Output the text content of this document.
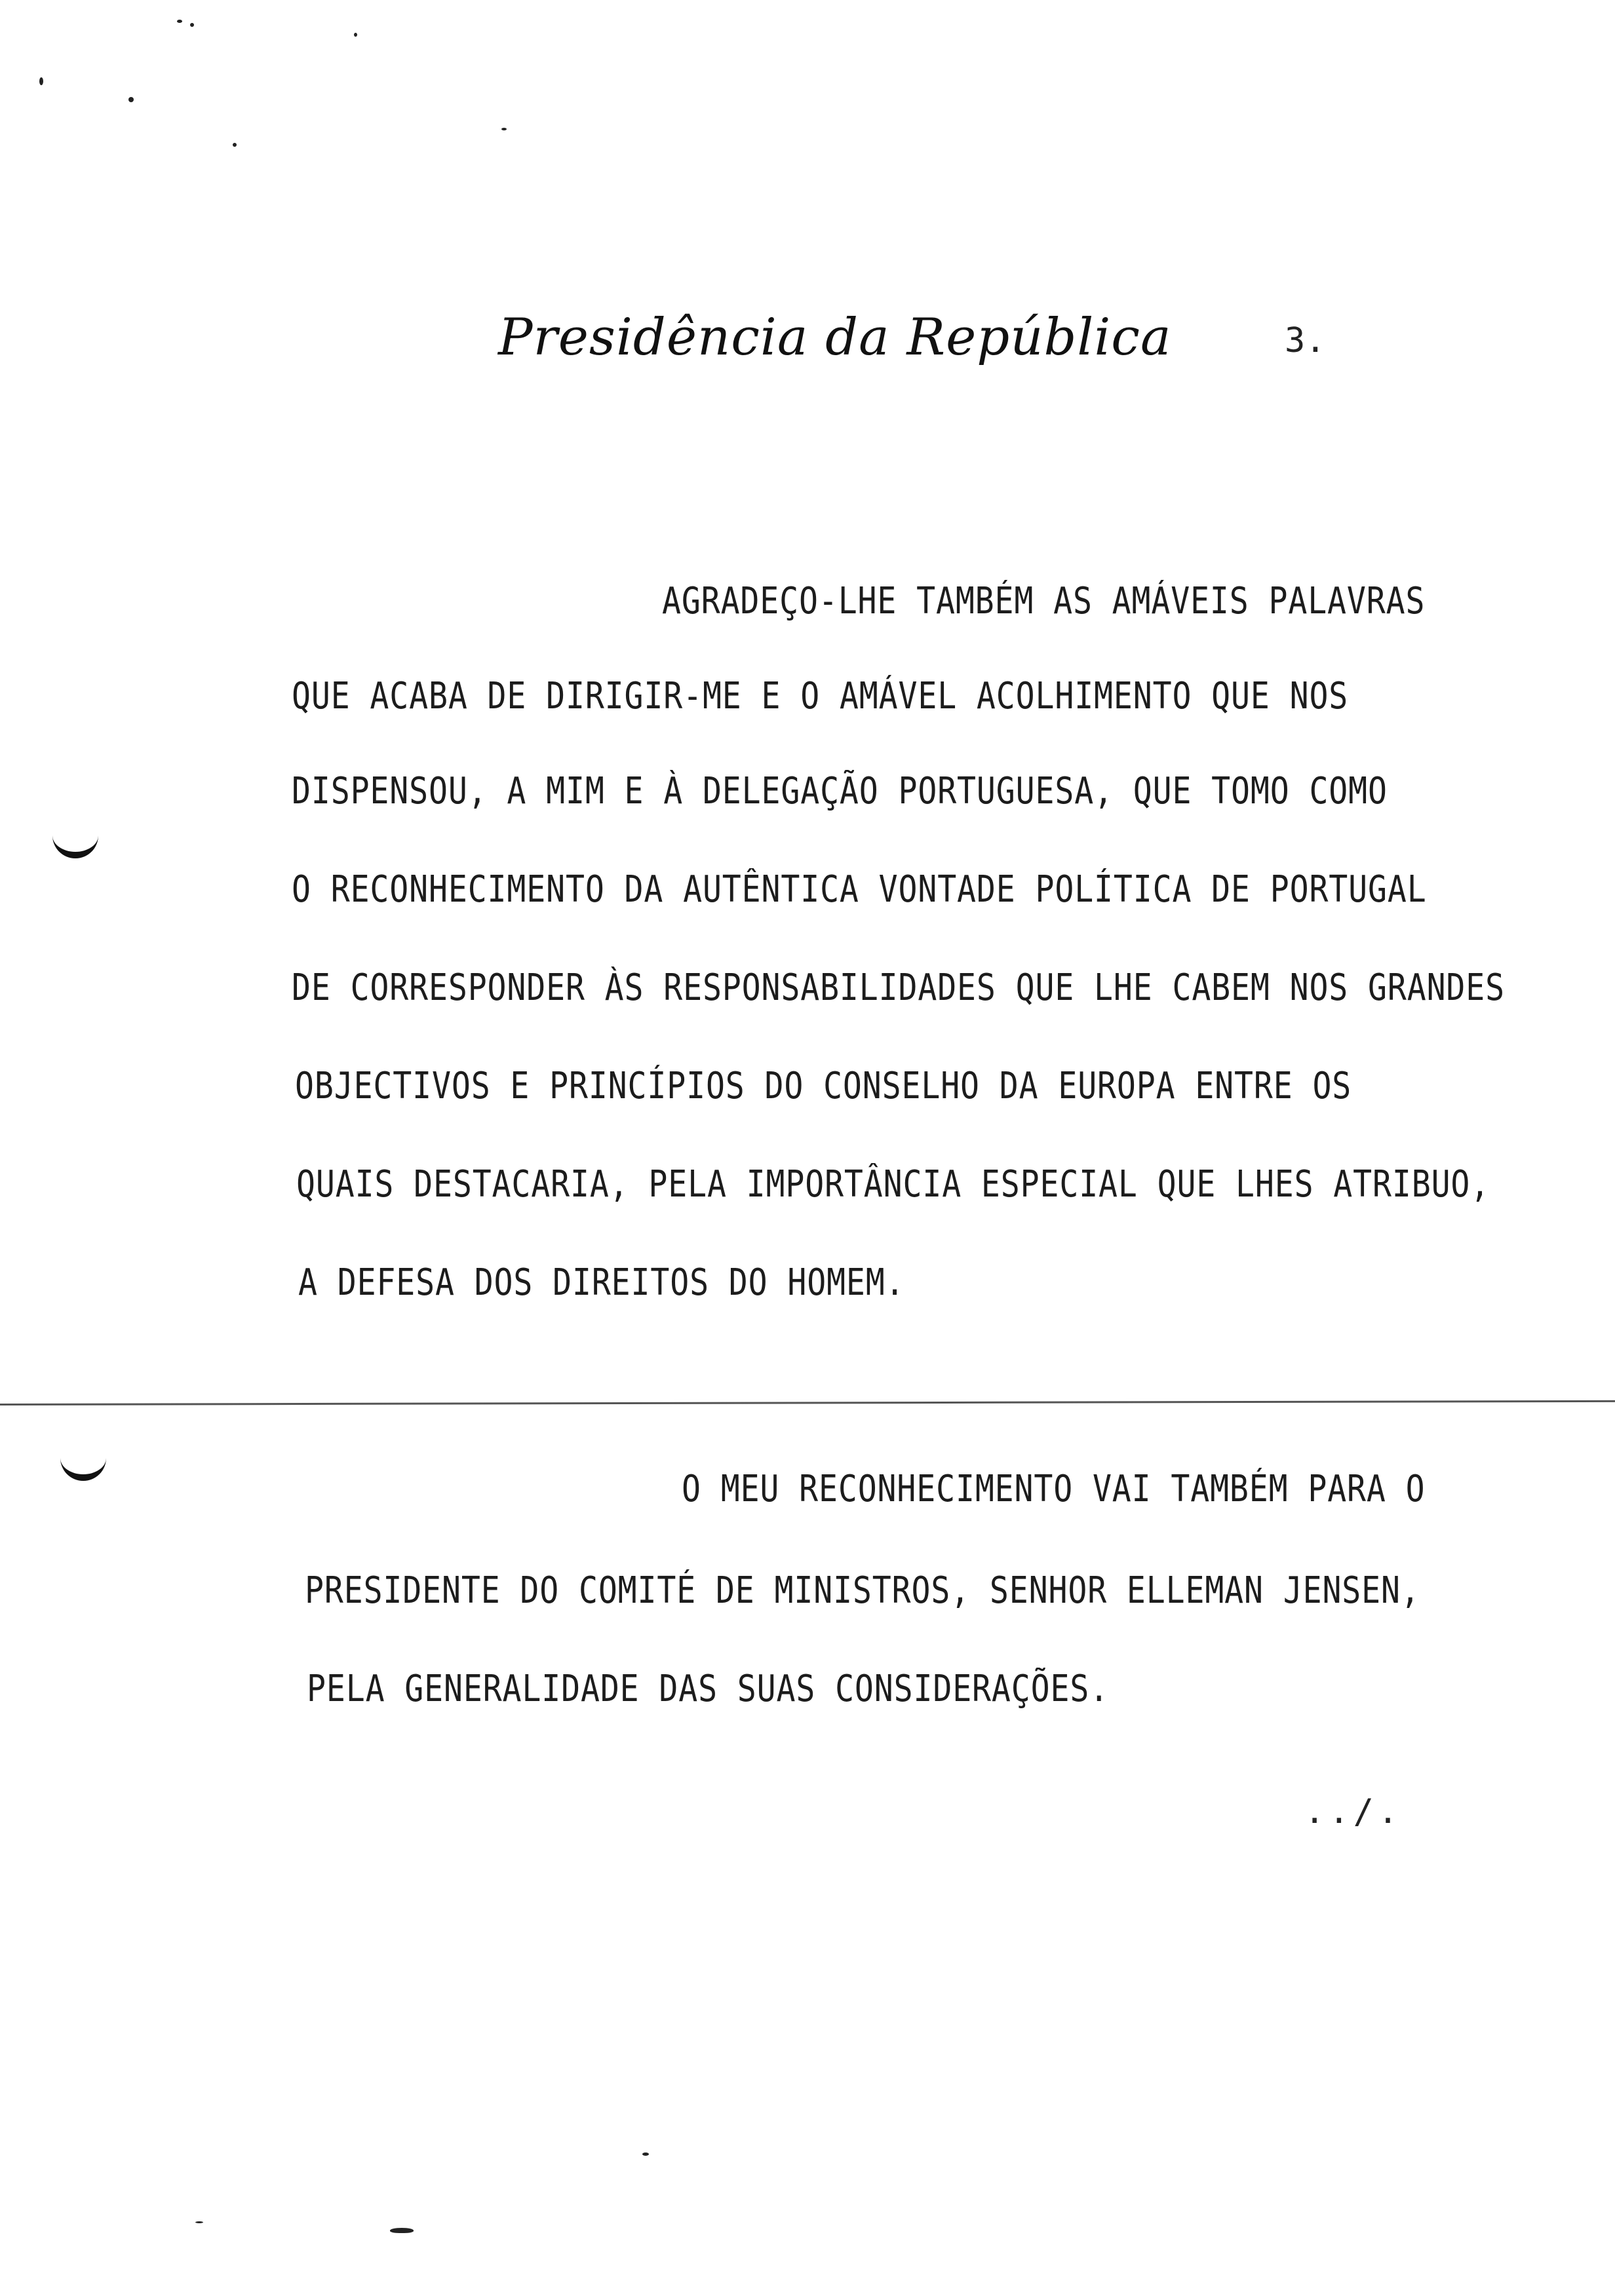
Presidência da República	3.
AGRADEÇO-LHE TAMBÉM AS AMÁVEIS PALAVRAS
QUE ACABA DE DIRIGIR-ME E O AMÁVEL ACOLHIMENTO QUE NOS
DISPENSOU, A MIM E À DELEGAÇÃO PORTUGUESA, QUE TOMO COMO
O RECONHECIMENTO DA AUTÊNTICA VONTADE POLÍTICA DE PORTUGAL
DE CORRESPONDER ÀS RESPONSABILIDADES QUE LHE CABEM NOS GRANDES
OBJECTIVOS E PRINCÍPIOS DO CONSELHO DA EUROPA ENTRE OS
QUAIS DESTACARIA, PELA IMPORTÂNCIA ESPECIAL QUE LHES ATRIBUO,
A DEFESA DOS DIREITOS DO HOMEM.
O MEU RECONHECIMENTO VAI TAMBÉM PARA O
PRESIDENTE DO COMITÉ DE MINISTROS, SENHOR ELLEMAN JENSEN,
PELA GENERALIDADE DAS SUAS CONSIDERAÇÕES.
../.
